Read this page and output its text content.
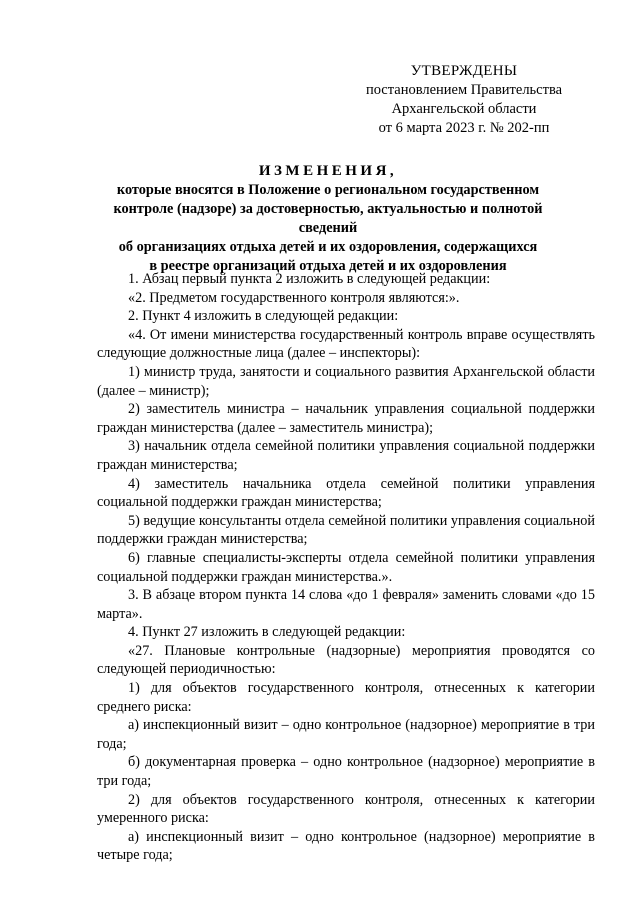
УТВЕРЖДЕНЫ
постановлением Правительства
Архангельской области
от 6 марта 2023 г. № 202-пп
ИЗМЕНЕНИЯ,
которые вносятся в Положение о региональном государственном
контроле (надзоре) за достоверностью, актуальностью и полнотой сведений
об организациях отдыха детей и их оздоровления, содержащихся
в реестре организаций отдыха детей и их оздоровления

1. Абзац первый пункта 2 изложить в следующей редакции:

«2. Предметом государственного контроля являются:».

2. Пункт 4 изложить в следующей редакции:

«4. От имени министерства государственный контроль вправе осуществлять следующие должностные лица (далее – инспекторы):

1) министр труда, занятости и социального развития Архангельской области (далее – министр);

2) заместитель министра – начальник управления социальной поддержки граждан министерства (далее – заместитель министра);

3) начальник отдела семейной политики управления социальной поддержки граждан министерства;

4) заместитель начальника отдела семейной политики управления социальной поддержки граждан министерства;

5) ведущие консультанты отдела семейной политики управления социальной поддержки граждан министерства;

6) главные специалисты-эксперты отдела семейной политики управления социальной поддержки граждан министерства.».

3. В абзаце втором пункта 14 слова «до 1 февраля» заменить словами «до 15 марта».

4. Пункт 27 изложить в следующей редакции:

«27. Плановые контрольные (надзорные) мероприятия проводятся со следующей периодичностью:

1) для объектов государственного контроля, отнесенных к категории среднего риска:

а) инспекционный визит – одно контрольное (надзорное) мероприятие в три года;

б) документарная проверка – одно контрольное (надзорное) мероприятие в три года;

2) для объектов государственного контроля, отнесенных к категории умеренного риска:

а) инспекционный визит – одно контрольное (надзорное) мероприятие в четыре года;
